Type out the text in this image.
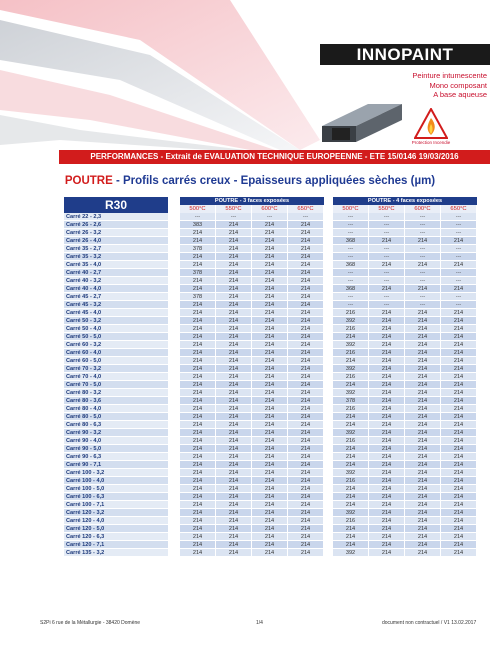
INNOPAINT
Peinture intumescente
Mono composant
A base aqueuse
Protection Incendie
PERFORMANCES - Extrait de EVALUATION TECHNIQUE EUROPEENNE - ETE 15/0146 19/03/2016
POUTRE - Profils carrés creux - Epaisseurs appliquées sèches (µm)
R30	POUTRE - 3 faces exposées	POUTRE - 4 faces exposées
500°C	550°C	600°C	650°C	500°C	550°C	600°C	650°C
Carré 22 - 2,3	---	---	---	---	---	---	---	---
Carré 26 - 2,6	383	214	214	214	---	---	---	---
Carré 26 - 3,2	214	214	214	214	---	---	---	---
Carré 26 - 4,0	214	214	214	214	368	214	214	214
Carré 35 - 2,7	378	214	214	214	---	---	---	---
Carré 35 - 3,2	214	214	214	214	---	---	---	---
Carré 35 - 4,0	214	214	214	214	368	214	214	214
Carré 40 - 2,7	378	214	214	214	---	---	---	---
Carré 40 - 3,2	214	214	214	214	---	---	---	---
Carré 40 - 4,0	214	214	214	214	368	214	214	214
Carré 45 - 2,7	378	214	214	214	---	---	---	---
Carré 45 - 3,2	214	214	214	214	---	---	---	---
Carré 45 - 4,0	214	214	214	214	216	214	214	214
Carré 50 - 3,2	214	214	214	214	392	214	214	214
Carré 50 - 4,0	214	214	214	214	216	214	214	214
Carré 50 - 5,0	214	214	214	214	214	214	214	214
Carré 60 - 3,2	214	214	214	214	392	214	214	214
Carré 60 - 4,0	214	214	214	214	216	214	214	214
Carré 60 - 5,0	214	214	214	214	214	214	214	214
Carré 70 - 3,2	214	214	214	214	392	214	214	214
Carré 70 - 4,0	214	214	214	214	216	214	214	214
Carré 70 - 5,0	214	214	214	214	214	214	214	214
Carré 80 - 3,2	214	214	214	214	392	214	214	214
Carré 80 - 3,6	214	214	214	214	378	214	214	214
Carré 80 - 4,0	214	214	214	214	216	214	214	214
Carré 80 - 5,0	214	214	214	214	214	214	214	214
Carré 80 - 6,3	214	214	214	214	214	214	214	214
Carré 90 - 3,2	214	214	214	214	392	214	214	214
Carré 90 - 4,0	214	214	214	214	216	214	214	214
Carré 90 - 5,0	214	214	214	214	214	214	214	214
Carré 90 - 6,3	214	214	214	214	214	214	214	214
Carré 90 - 7,1	214	214	214	214	214	214	214	214
Carré 100 - 3,2	214	214	214	214	392	214	214	214
Carré 100 - 4,0	214	214	214	214	216	214	214	214
Carré 100 - 5,0	214	214	214	214	214	214	214	214
Carré 100 - 6,3	214	214	214	214	214	214	214	214
Carré 100 - 7,1	214	214	214	214	214	214	214	214
Carré 120 - 3,2	214	214	214	214	392	214	214	214
Carré 120 - 4,0	214	214	214	214	216	214	214	214
Carré 120 - 5,0	214	214	214	214	214	214	214	214
Carré 120 - 6,3	214	214	214	214	214	214	214	214
Carré 120 - 7,1	214	214	214	214	214	214	214	214
Carré 135 - 3,2	214	214	214	214	392	214	214	214
S2Pi 6 rue de la Métallurgie - 38420 Domène	1/4	document non contractuel / V1 13.02.2017
